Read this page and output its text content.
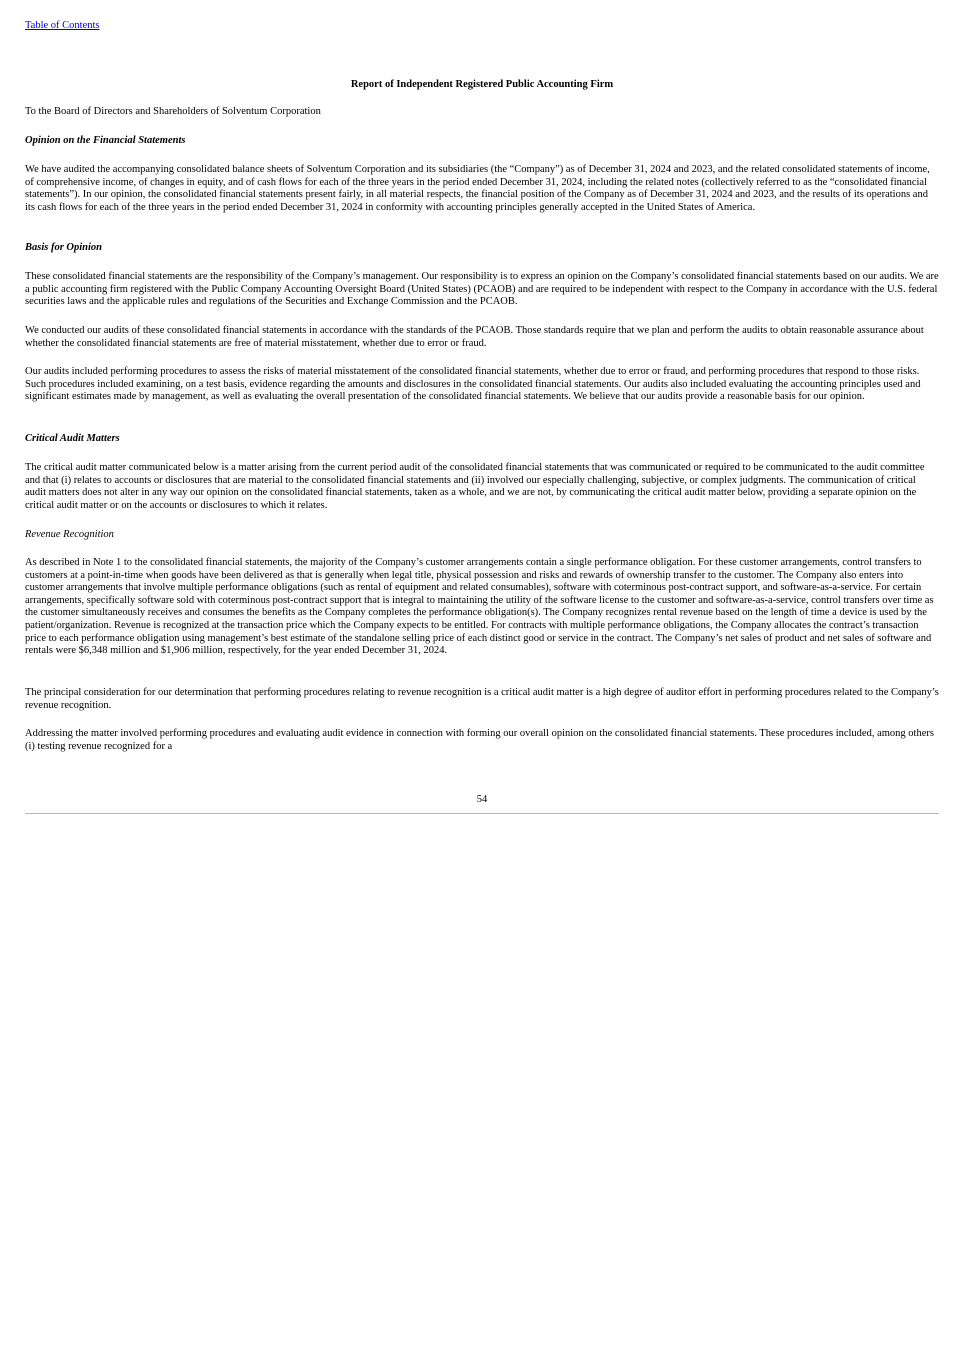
Table of Contents
Report of Independent Registered Public Accounting Firm

To the Board of Directors and Shareholders of Solventum Corporation

Opinion on the Financial Statements

We have audited the accompanying consolidated balance sheets of Solventum Corporation and its subsidiaries (the “Company”) as of December 31, 2024 and 2023, and the related consolidated statements of income, of comprehensive income, of changes in equity, and of cash flows for each of the three years in the period ended December 31, 2024, including the related notes (collectively referred to as the “consolidated financial statements”). In our opinion, the consolidated financial statements present fairly, in all material respects, the financial position of the Company as of December 31, 2024 and 2023, and the results of its operations and its cash flows for each of the three years in the period ended December 31, 2024 in conformity with accounting principles generally accepted in the United States of America.

Basis for Opinion

These consolidated financial statements are the responsibility of the Company’s management. Our responsibility is to express an opinion on the Company’s consolidated financial statements based on our audits. We are a public accounting firm registered with the Public Company Accounting Oversight Board (United States) (PCAOB) and are required to be independent with respect to the Company in accordance with the U.S. federal securities laws and the applicable rules and regulations of the Securities and Exchange Commission and the PCAOB.

We conducted our audits of these consolidated financial statements in accordance with the standards of the PCAOB. Those standards require that we plan and perform the audits to obtain reasonable assurance about whether the consolidated financial statements are free of material misstatement, whether due to error or fraud.

Our audits included performing procedures to assess the risks of material misstatement of the consolidated financial statements, whether due to error or fraud, and performing procedures that respond to those risks. Such procedures included examining, on a test basis, evidence regarding the amounts and disclosures in the consolidated financial statements. Our audits also included evaluating the accounting principles used and significant estimates made by management, as well as evaluating the overall presentation of the consolidated financial statements. We believe that our audits provide a reasonable basis for our opinion.

Critical Audit Matters

The critical audit matter communicated below is a matter arising from the current period audit of the consolidated financial statements that was communicated or required to be communicated to the audit committee and that (i) relates to accounts or disclosures that are material to the consolidated financial statements and (ii) involved our especially challenging, subjective, or complex judgments. The communication of critical audit matters does not alter in any way our opinion on the consolidated financial statements, taken as a whole, and we are not, by communicating the critical audit matter below, providing a separate opinion on the critical audit matter or on the accounts or disclosures to which it relates.

Revenue Recognition

As described in Note 1 to the consolidated financial statements, the majority of the Company’s customer arrangements contain a single performance obligation. For these customer arrangements, control transfers to customers at a point-in-time when goods have been delivered as that is generally when legal title, physical possession and risks and rewards of ownership transfer to the customer. The Company also enters into customer arrangements that involve multiple performance obligations (such as rental of equipment and related consumables), software with coterminous post-contract support, and software-as-a-service. For certain arrangements, specifically software sold with coterminous post-contract support that is integral to maintaining the utility of the software license to the customer and software-as-a-service, control transfers over time as the customer simultaneously receives and consumes the benefits as the Company completes the performance obligation(s). The Company recognizes rental revenue based on the length of time a device is used by the patient/organization. Revenue is recognized at the transaction price which the Company expects to be entitled. For contracts with multiple performance obligations, the Company allocates the contract’s transaction price to each performance obligation using management’s best estimate of the standalone selling price of each distinct good or service in the contract. The Company’s net sales of product and net sales of software and rentals were $6,348 million and $1,906 million, respectively, for the year ended December 31, 2024.

The principal consideration for our determination that performing procedures relating to revenue recognition is a critical audit matter is a high degree of auditor effort in performing procedures related to the Company’s revenue recognition.

Addressing the matter involved performing procedures and evaluating audit evidence in connection with forming our overall opinion on the consolidated financial statements. These procedures included, among others (i) testing revenue recognized for a

54
